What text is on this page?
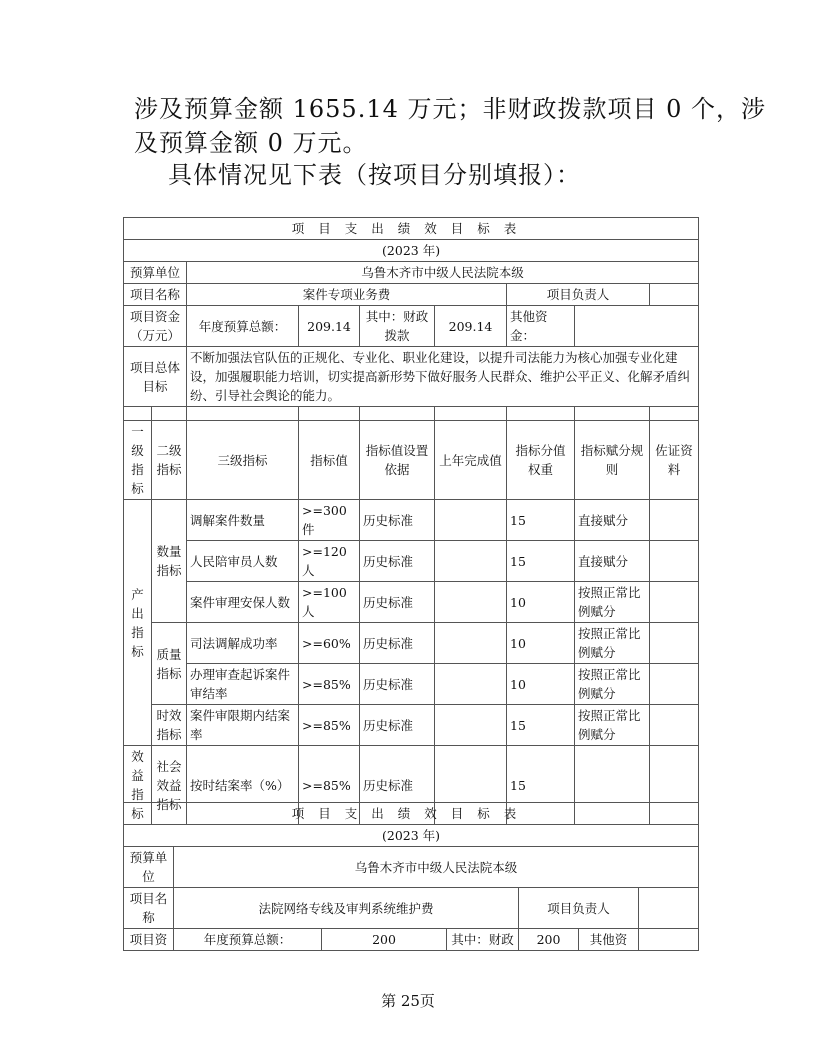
涉及预算金额 1655.14 万元；非财政拨款项目 0 个，涉
及预算金额 0 万元。
具体情况见下表（按项目分别填报）：
项目支出绩效目标表								
(2023 年)								
预算单位		乌鲁木齐市中级人民法院本级						
项目名称		案件专项业务费				项目负责人		
项目资金（万元）		年度预算总额：	209.14	其中：财政拨款	209.14	其他资金：		
项目总体目标		不断加强法官队伍的正规化、专业化、职业化建设，以提升司法能力为核心加强专业化建设，加强履职能力培训，切实提高新形势下做好服务人民群众、维护公平正义、化解矛盾纠纷、引导社会舆论的能力。						

一级指标	二级指标	三级指标	指标值	指标值设置依据	上年完成值	指标分值权重	指标赋分规则	佐证资料
产出指标	数量指标	调解案件数量	>=300 件	历史标准		15	直接赋分	
		人民陪审员人数	>=120 人	历史标准		15	直接赋分	
		案件审理安保人数	>=100 人	历史标准		10	按照正常比例赋分	
	质量指标	司法调解成功率	>=60%	历史标准		10	按照正常比例赋分	
		办理审查起诉案件审结率	>=85%	历史标准		10	按照正常比例赋分	
	时效指标	案件审限期内结案率	>=85%	历史标准		15	按照正常比例赋分	
效益指标	社会效益指标	按时结案率（%）	>=85%	历史标准		15		
项目支出绩效目标表						
(2023 年)						
预算单位	乌鲁木齐市中级人民法院本级					
项目名称	法院网络专线及审判系统维护费			项目负责人		
项目资	年度预算总额：	200	其中：财政	200	其他资	
第 25页
